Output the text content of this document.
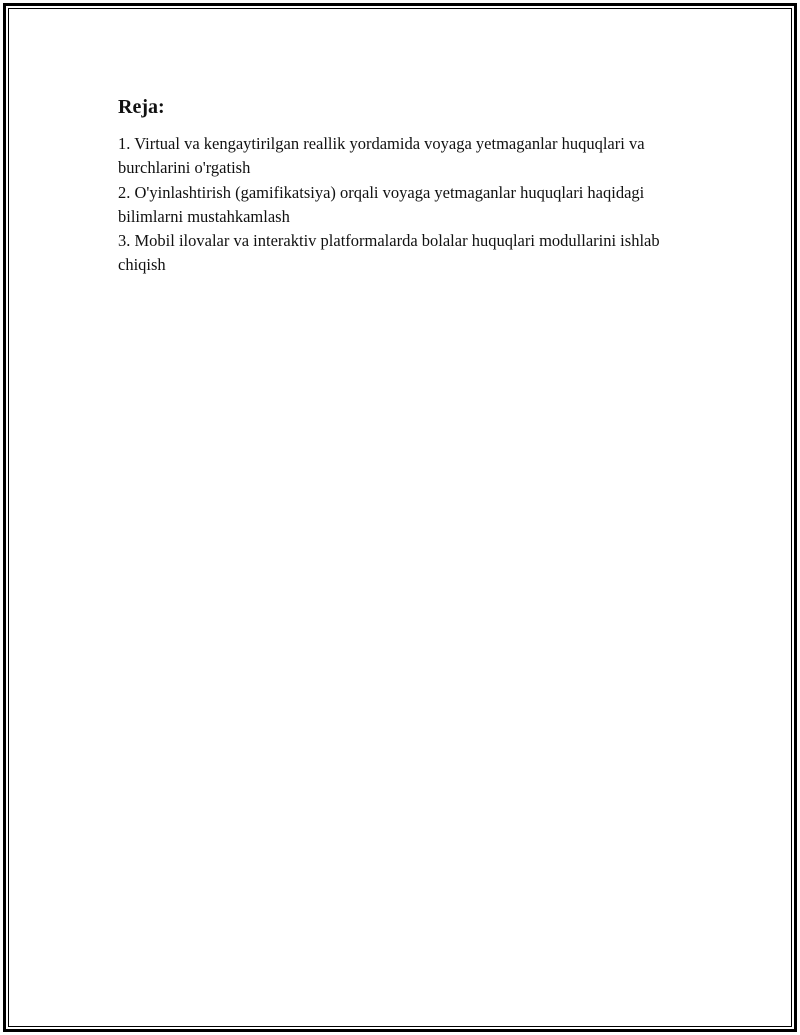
Reja:
1. Virtual va kengaytirilgan reallik yordamida voyaga yetmaganlar huquqlari va burchlarini o'rgatish
2. O'yinlashtirish (gamifikatsiya) orqali voyaga yetmaganlar huquqlari haqidagi bilimlarni mustahkamlash
3. Mobil ilovalar va interaktiv platformalarda bolalar huquqlari modullarini ishlab chiqish
